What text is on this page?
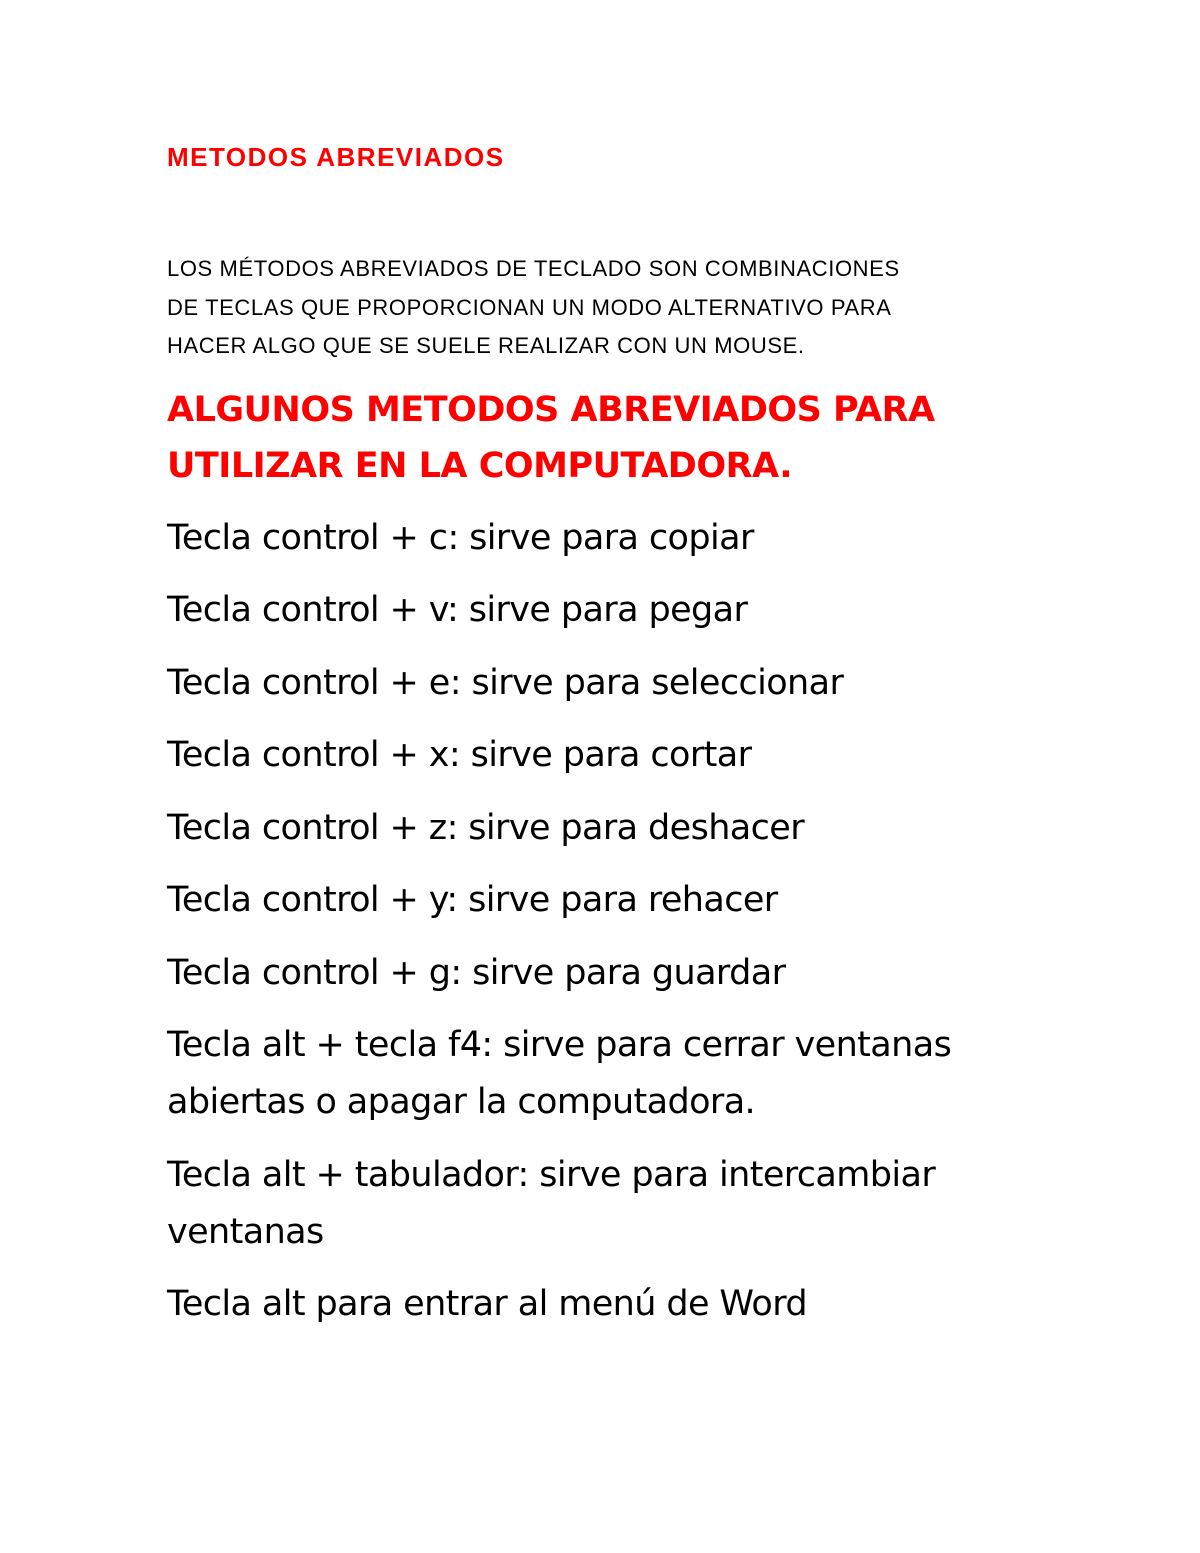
METODOS ABREVIADOS

LOS MÉTODOS ABREVIADOS DE TECLADO SON COMBINACIONES
DE TECLAS QUE PROPORCIONAN UN MODO ALTERNATIVO PARA
HACER ALGO QUE SE SUELE REALIZAR CON UN MOUSE.

ALGUNOS METODOS ABREVIADOS PARA
UTILIZAR EN LA COMPUTADORA.
Tecla control + c: sirve para copiar
Tecla control + v: sirve para pegar
Tecla control + e: sirve para seleccionar
Tecla control + x: sirve para cortar
Tecla control + z: sirve para deshacer
Tecla control + y: sirve para rehacer
Tecla control + g: sirve para guardar
Tecla alt + tecla f4: sirve para cerrar ventanas
abiertas o apagar la computadora.
Tecla alt + tabulador: sirve para intercambiar
ventanas
Tecla alt para entrar al menú de Word
